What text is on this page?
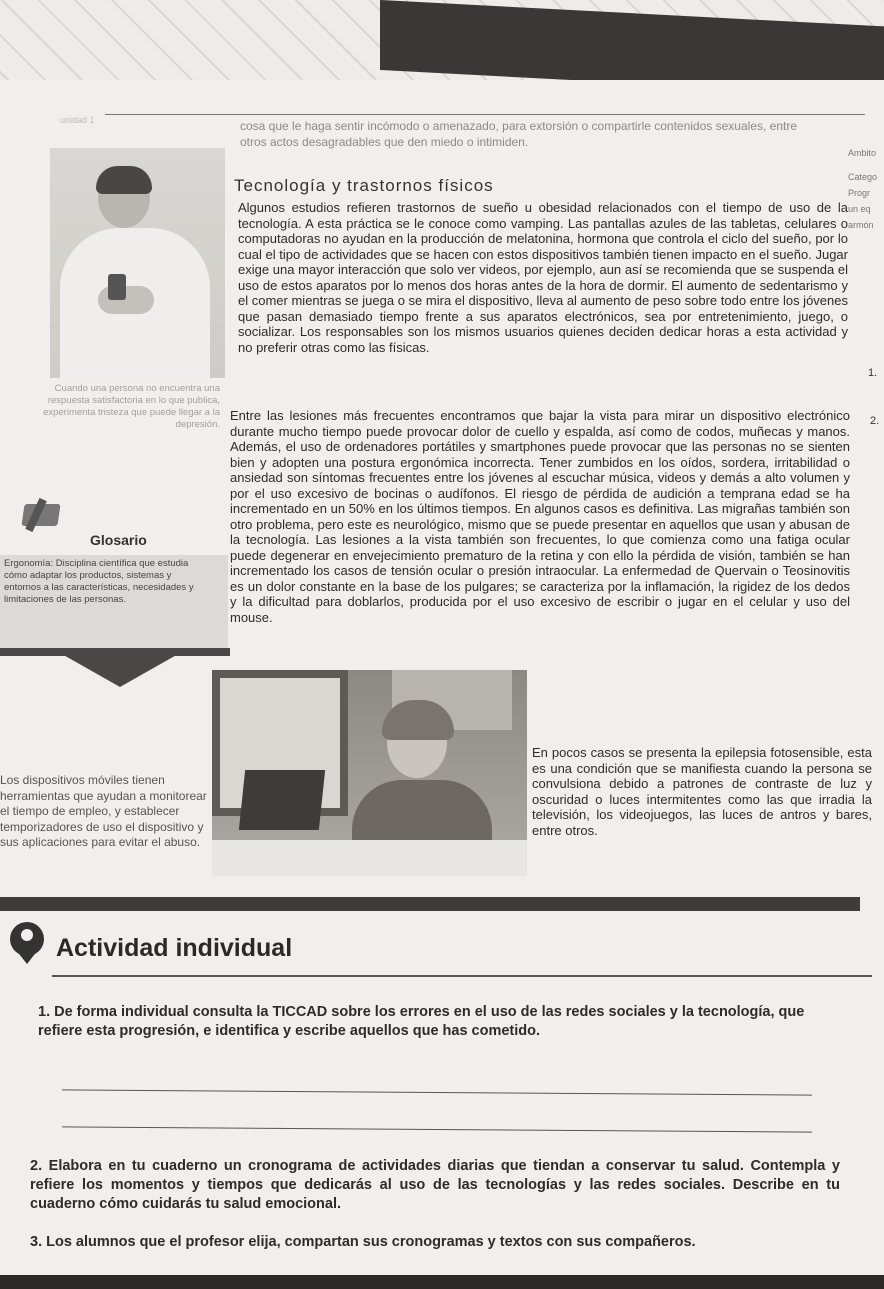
unidad 1	cosa que le haga sentir incómodo o amenazado, para extorsión o compartirle contenidos sexuales, entre otros actos desagradables que den miedo o intimiden.
Ambito
Catego
Progr
un eq
armón
1.
2.
Cuando una persona no encuentra una respuesta satisfactoria en lo que publica, experimenta tristeza que puede llegar a la depresión.
Tecnología y trastornos físicos
Algunos estudios refieren trastornos de sueño u obesidad relacionados con el tiempo de uso de la tecnología. A esta práctica se le conoce como vamping. Las pantallas azules de las tabletas, celulares o computadoras no ayudan en la producción de melatonina, hormona que controla el ciclo del sueño, por lo cual el tipo de actividades que se hacen con estos dispositivos también tienen impacto en el sueño. Jugar exige una mayor interacción que solo ver videos, por ejemplo, aun así se recomienda que se suspenda el uso de estos aparatos por lo menos dos horas antes de la hora de dormir. El aumento de sedentarismo y el comer mientras se juega o se mira el dispositivo, lleva al aumento de peso sobre todo entre los jóvenes que pasan demasiado tiempo frente a sus aparatos electrónicos, sea por entretenimiento, juego, o socializar. Los responsables son los mismos usuarios quienes deciden dedicar horas a esta actividad y no preferir otras como las físicas.
Entre las lesiones más frecuentes encontramos que bajar la vista para mirar un dispositivo electrónico durante mucho tiempo puede provocar dolor de cuello y espalda, así como de codos, muñecas y manos. Además, el uso de ordenadores portátiles y smartphones puede provocar que las personas no se sienten bien y adopten una postura ergonómica incorrecta. Tener zumbidos en los oídos, sordera, irritabilidad o ansiedad son síntomas frecuentes entre los jóvenes al escuchar música, videos y demás a alto volumen y por el uso excesivo de bocinas o audífonos. El riesgo de pérdida de audición a temprana edad se ha incrementado en un 50% en los últimos tiempos. En algunos casos es definitiva. Las migrañas también son otro problema, pero este es neurológico, mismo que se puede presentar en aquellos que usan y abusan de la tecnología. Las lesiones a la vista también son frecuentes, lo que comienza como una fatiga ocular puede degenerar en envejecimiento prematuro de la retina y con ello la pérdida de visión, también se han incrementado los casos de tensión ocular o presión intraocular. La enfermedad de Quervain o Teosinovitis es un dolor constante en la base de los pulgares; se caracteriza por la inflamación, la rigidez de los dedos y la dificultad para doblarlos, producida por el uso excesivo de escribir o jugar en el celular y uso del mouse.
En pocos casos se presenta la epilepsia fotosensible, esta es una condición que se manifiesta cuando la persona se convulsiona debido a patrones de contraste de luz y oscuridad o luces intermitentes como las que irradia la televisión, los videojuegos, las luces de antros y bares, entre otros.
Glosario
Ergonomía: Disciplina científica que estudia cómo adaptar los productos, sistemas y entornos a las características, necesidades y limitaciones de las personas.
Los dispositivos móviles tienen herramientas que ayudan a monitorear el tiempo de empleo, y establecer temporizadores de uso el dispositivo y sus aplicaciones para evitar el abuso.
Actividad individual
1. De forma individual consulta la TICCAD sobre los errores en el uso de las redes sociales y la tecnología, que refiere esta progresión, e identifica y escribe aquellos que has cometido.
2. Elabora en tu cuaderno un cronograma de actividades diarias que tiendan a conservar tu salud. Contempla y refiere los momentos y tiempos que dedicarás al uso de las tecnologías y las redes sociales. Describe en tu cuaderno cómo cuidarás tu salud emocional.
3. Los alumnos que el profesor elija, compartan sus cronogramas y textos con sus compañeros.
